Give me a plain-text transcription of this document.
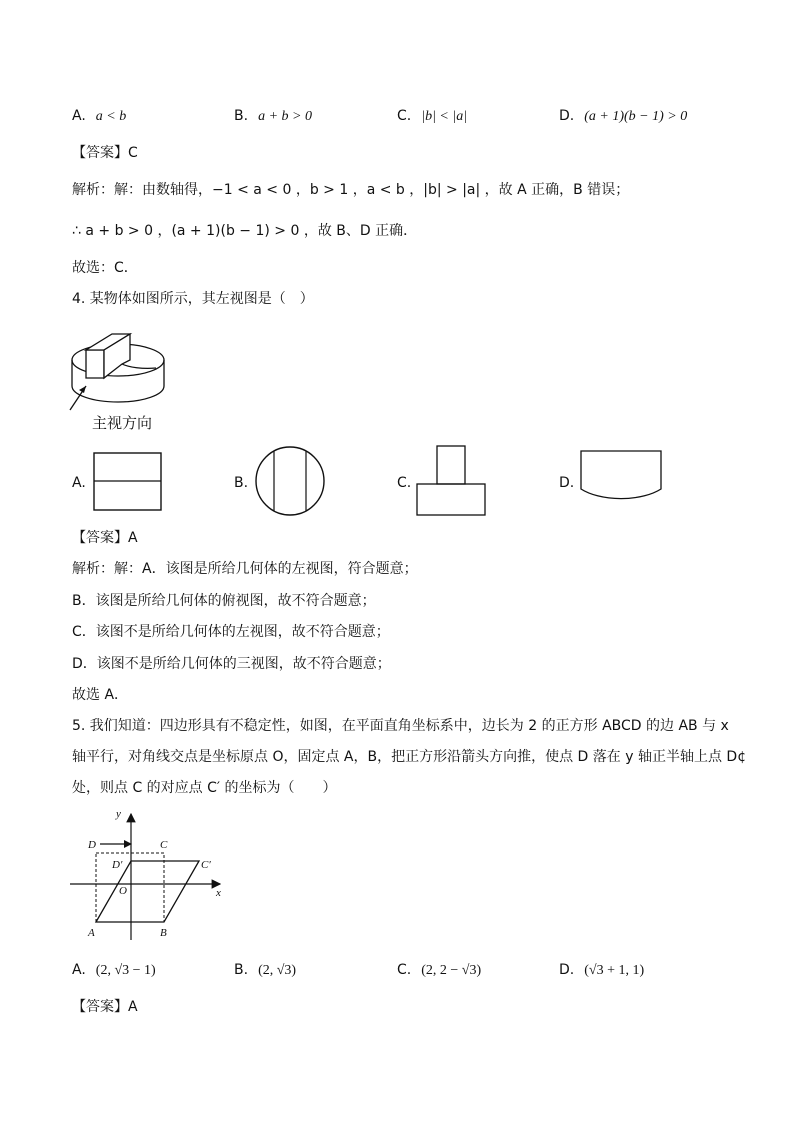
A. a < b	B. a + b > 0	C. |b| < |a|	D. (a + 1)(b − 1) > 0
【答案】C
解析：解：由数轴得，−1 < a < 0 ，b > 1 ，a < b ，|b| > |a| ，故 A 正确，B 错误；
∴ a + b > 0 ，(a + 1)(b − 1) > 0 ，故 B、D 正确．
故选：C．
4. 某物体如图所示，其左视图是（　）
主视方向
A.	B.	C.	D.
【答案】A
解析：解：A．该图是所给几何体的左视图，符合题意；
B．该图是所给几何体的俯视图，故不符合题意；
C．该图不是所给几何体的左视图，故不符合题意；
D．该图不是所给几何体的三视图，故不符合题意；
故选 A．
5. 我们知道：四边形具有不稳定性，如图，在平面直角坐标系中，边长为 2 的正方形 ABCD 的边 AB 与 x
轴平行，对角线交点是坐标原点 O，固定点 A，B，把正方形沿箭头方向推，使点 D 落在 y 轴正半轴上点 D¢
处，则点 C 的对应点 C′ 的坐标为（　　）
y
x
D	C
D′	C′
O
A	B
A. (2, √3 − 1)	B. (2, √3)	C. (2, 2 − √3)	D. (√3 + 1, 1)
【答案】A
